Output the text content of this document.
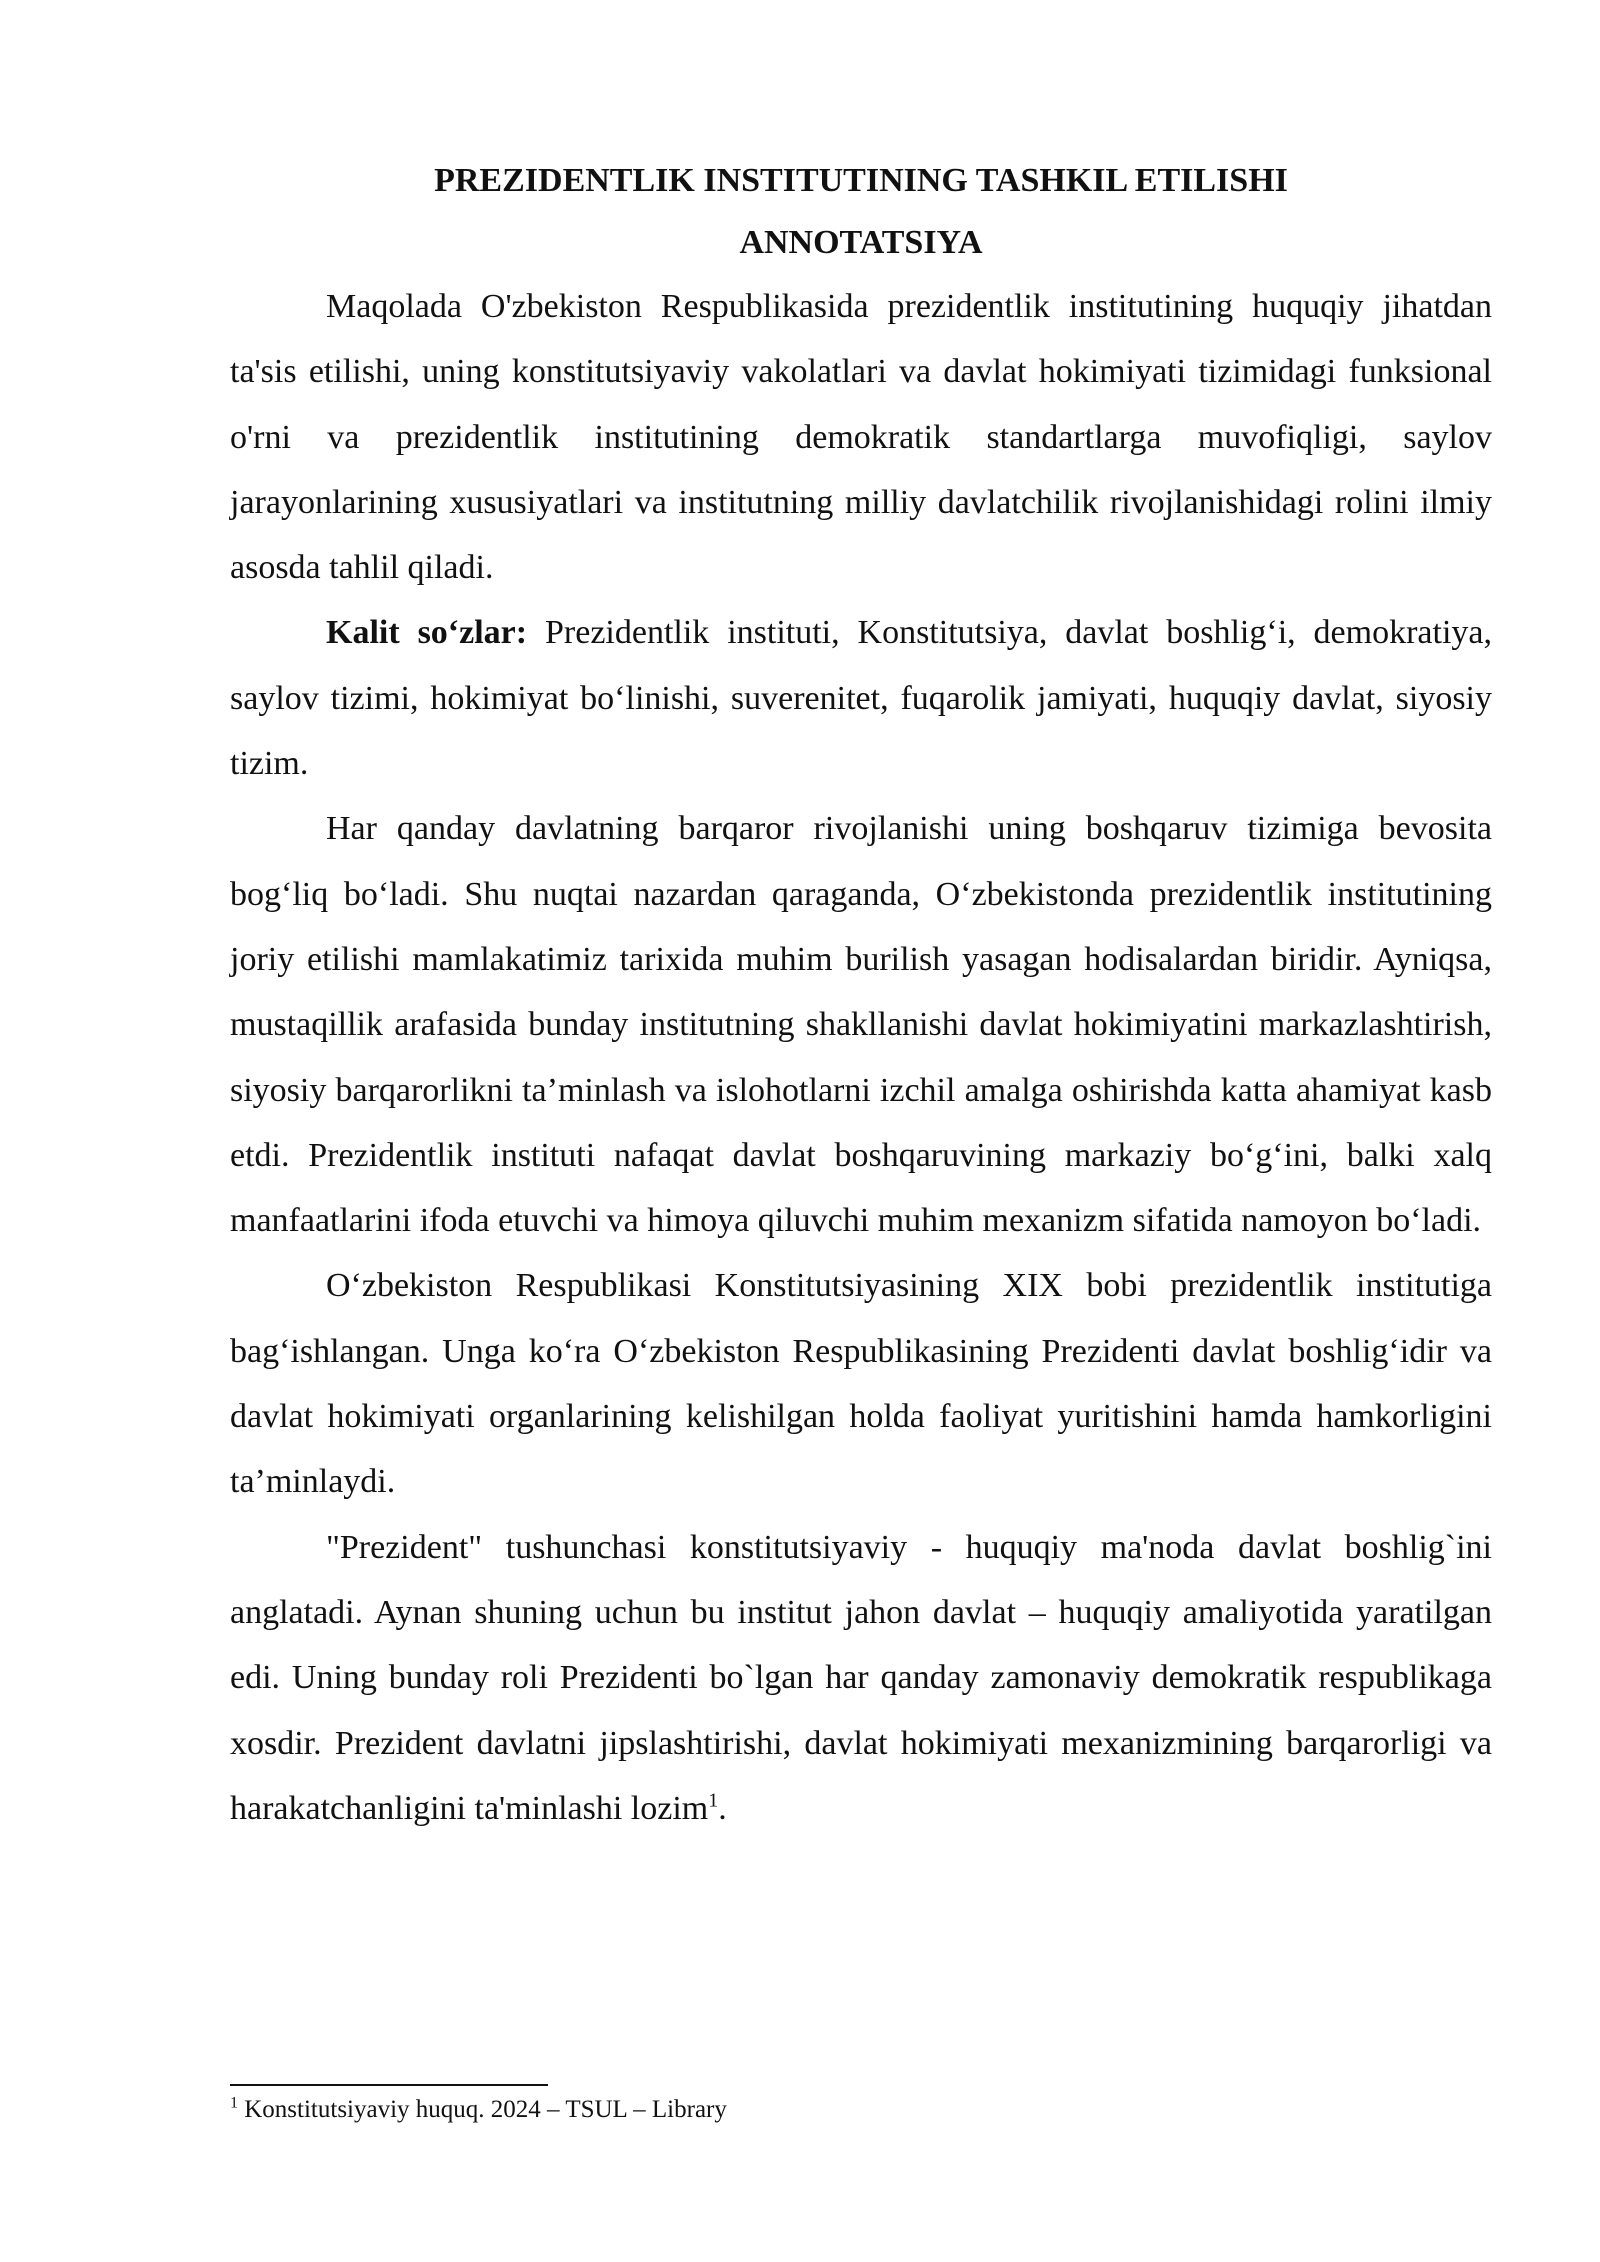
PREZIDENTLIK INSTITUTINING TASHKIL ETILISHI
ANNOTATSIYA

Maqolada O'zbekiston Respublikasida prezidentlik institutining huquqiy jihatdan ta'sis etilishi, uning konstitutsiyaviy vakolatlari va davlat hokimiyati tizimidagi funksional o'rni va prezidentlik institutining demokratik standartlarga muvofiqligi, saylov jarayonlarining xususiyatlari va institutning milliy davlatchilik rivojlanishidagi rolini ilmiy asosda tahlil qiladi.

Kalit so‘zlar: Prezidentlik instituti, Konstitutsiya, davlat boshlig‘i, demokratiya, saylov tizimi, hokimiyat bo‘linishi, suverenitet, fuqarolik jamiyati, huquqiy davlat, siyosiy tizim.

Har qanday davlatning barqaror rivojlanishi uning boshqaruv tizimiga bevosita bog‘liq bo‘ladi. Shu nuqtai nazardan qaraganda, O‘zbekistonda prezidentlik institutining joriy etilishi mamlakatimiz tarixida muhim burilish yasagan hodisalardan biridir. Ayniqsa, mustaqillik arafasida bunday institutning shakllanishi davlat hokimiyatini markazlashtirish, siyosiy barqarorlikni ta’minlash va islohotlarni izchil amalga oshirishda katta ahamiyat kasb etdi. Prezidentlik instituti nafaqat davlat boshqaruvining markaziy bo‘g‘ini, balki xalq manfaatlarini ifoda etuvchi va himoya qiluvchi muhim mexanizm sifatida namoyon bo‘ladi.

O‘zbekiston Respublikasi Konstitutsiyasining XIX bobi prezidentlik institutiga bag‘ishlangan. Unga ko‘ra O‘zbekiston Respublikasining Prezidenti davlat boshlig‘idir va davlat hokimiyati organlarining kelishilgan holda faoliyat yuritishini hamda hamkorligini ta’minlaydi.

"Prezident" tushunchasi konstitutsiyaviy - huquqiy ma'noda davlat boshlig`ini anglatadi. Aynan shuning uchun bu institut jahon davlat – huquqiy amaliyotida yaratilgan edi. Uning bunday roli Prezidenti bo`lgan har qanday zamonaviy demokratik respublikaga xosdir. Prezident davlatni jipslashtirishi, davlat hokimiyati mexanizmining barqarorligi va harakatchanligini ta'minlashi lozim$^1$.

$^1$ Konstitutsiyaviy huquq. 2024 – TSUL – Library
